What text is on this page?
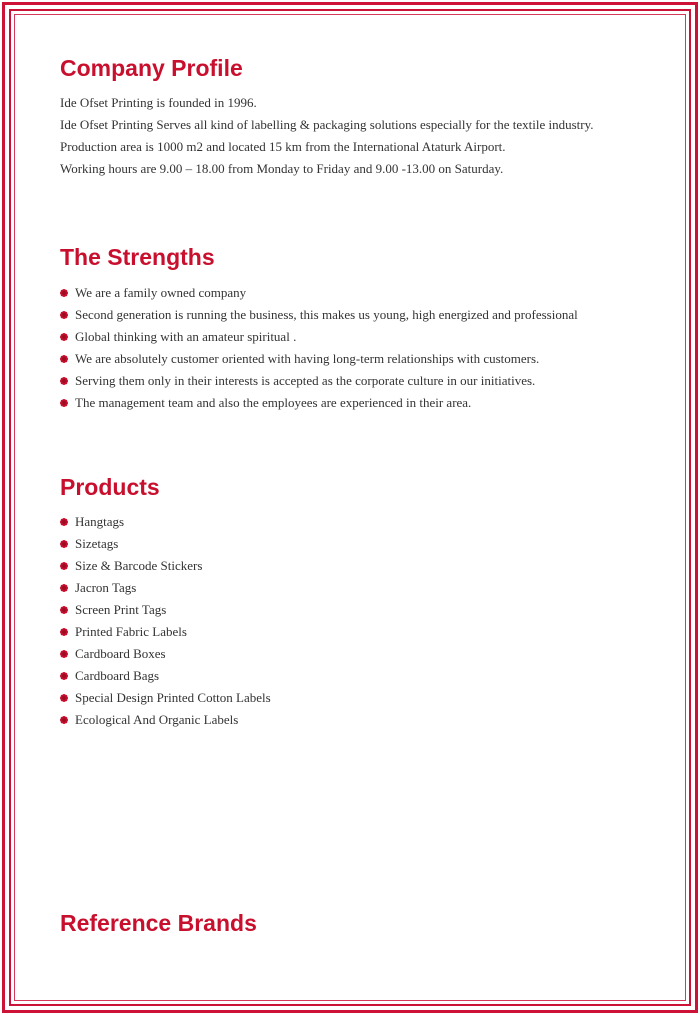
Company Profile
Ide Ofset Printing is founded in 1996.
Ide Ofset Printing Serves all kind of labelling & packaging solutions especially for the textile industry.
Production area is 1000 m2 and located 15 km from the International Ataturk Airport.
Working hours are 9.00 – 18.00 from Monday to Friday and 9.00 -13.00 on Saturday.
The Strengths
We are a family owned company
Second generation is running the business, this makes us young, high energized and professional
Global thinking with an amateur spiritual .
We are absolutely customer oriented with having long-term relationships with customers.
Serving them only in their interests is accepted as the corporate culture in our initiatives.
The management team and also the employees are experienced in their area.
Products
Hangtags
Sizetags
Size & Barcode Stickers
Jacron Tags
Screen Print Tags
Printed Fabric Labels
Cardboard Boxes
Cardboard Bags
Special Design Printed Cotton Labels
Ecological And Organic Labels
Reference Brands
